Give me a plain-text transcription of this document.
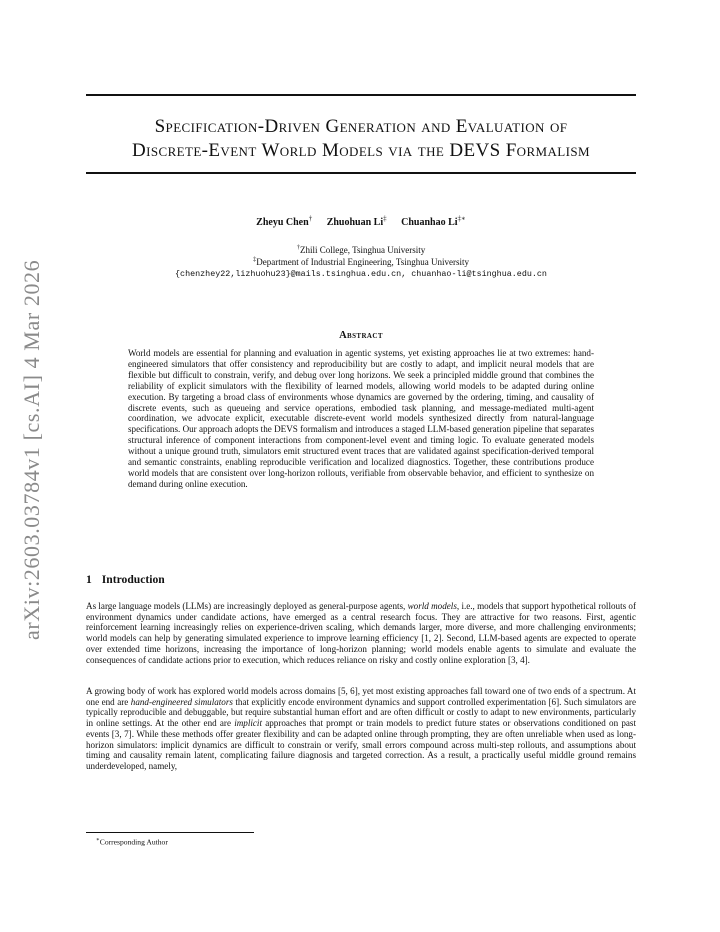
arXiv:2603.03784v1 [cs.AI] 4 Mar 2026
Specification-Driven Generation and Evaluation of
Discrete-Event World Models via the DEVS Formalism
Zheyu Chen† Zhuohuan Li‡ Chuanhao Li‡∗
†Zhili College, Tsinghua University
‡Department of Industrial Engineering, Tsinghua University
{chenzhey22,lizhuohu23}@mails.tsinghua.edu.cn, chuanhao-li@tsinghua.edu.cn
Abstract

World models are essential for planning and evaluation in agentic systems, yet existing approaches lie at two extremes: hand-engineered simulators that offer consistency and reproducibility but are costly to adapt, and implicit neural models that are flexible but difficult to constrain, verify, and debug over long horizons. We seek a principled middle ground that combines the reliability of explicit simulators with the flexibility of learned models, allowing world models to be adapted during online execution. By targeting a broad class of environments whose dynamics are governed by the ordering, timing, and causality of discrete events, such as queueing and service operations, embodied task planning, and message-mediated multi-agent coordination, we advocate explicit, executable discrete-event world models synthesized directly from natural-language specifications. Our approach adopts the DEVS formalism and introduces a staged LLM-based generation pipeline that separates structural inference of component interactions from component-level event and timing logic. To evaluate generated models without a unique ground truth, simulators emit structured event traces that are validated against specification-derived temporal and semantic constraints, enabling reproducible verification and localized diagnostics. Together, these contributions produce world models that are consistent over long-horizon rollouts, verifiable from observable behavior, and efficient to synthesize on demand during online execution.

1 Introduction

As large language models (LLMs) are increasingly deployed as general-purpose agents, world models, i.e., models that support hypothetical rollouts of environment dynamics under candidate actions, have emerged as a central research focus. They are attractive for two reasons. First, agentic reinforcement learning increasingly relies on experience-driven scaling, which demands larger, more diverse, and more challenging environments; world models can help by generating simulated experience to improve learning efficiency [1, 2]. Second, LLM-based agents are expected to operate over extended time horizons, increasing the importance of long-horizon planning; world models enable agents to simulate and evaluate the consequences of candidate actions prior to execution, which reduces reliance on risky and costly online exploration [3, 4].

A growing body of work has explored world models across domains [5, 6], yet most existing approaches fall toward one of two ends of a spectrum. At one end are hand-engineered simulators that explicitly encode environment dynamics and support controlled experimentation [6]. Such simulators are typically reproducible and debuggable, but require substantial human effort and are often difficult or costly to adapt to new environments, particularly in online settings. At the other end are implicit approaches that prompt or train models to predict future states or observations conditioned on past events [3, 7]. While these methods offer greater flexibility and can be adapted online through prompting, they are often unreliable when used as long-horizon simulators: implicit dynamics are difficult to constrain or verify, small errors compound across multi-step rollouts, and assumptions about timing and causality remain latent, complicating failure diagnosis and targeted correction. As a result, a practically useful middle ground remains underdeveloped, namely,

∗Corresponding Author
